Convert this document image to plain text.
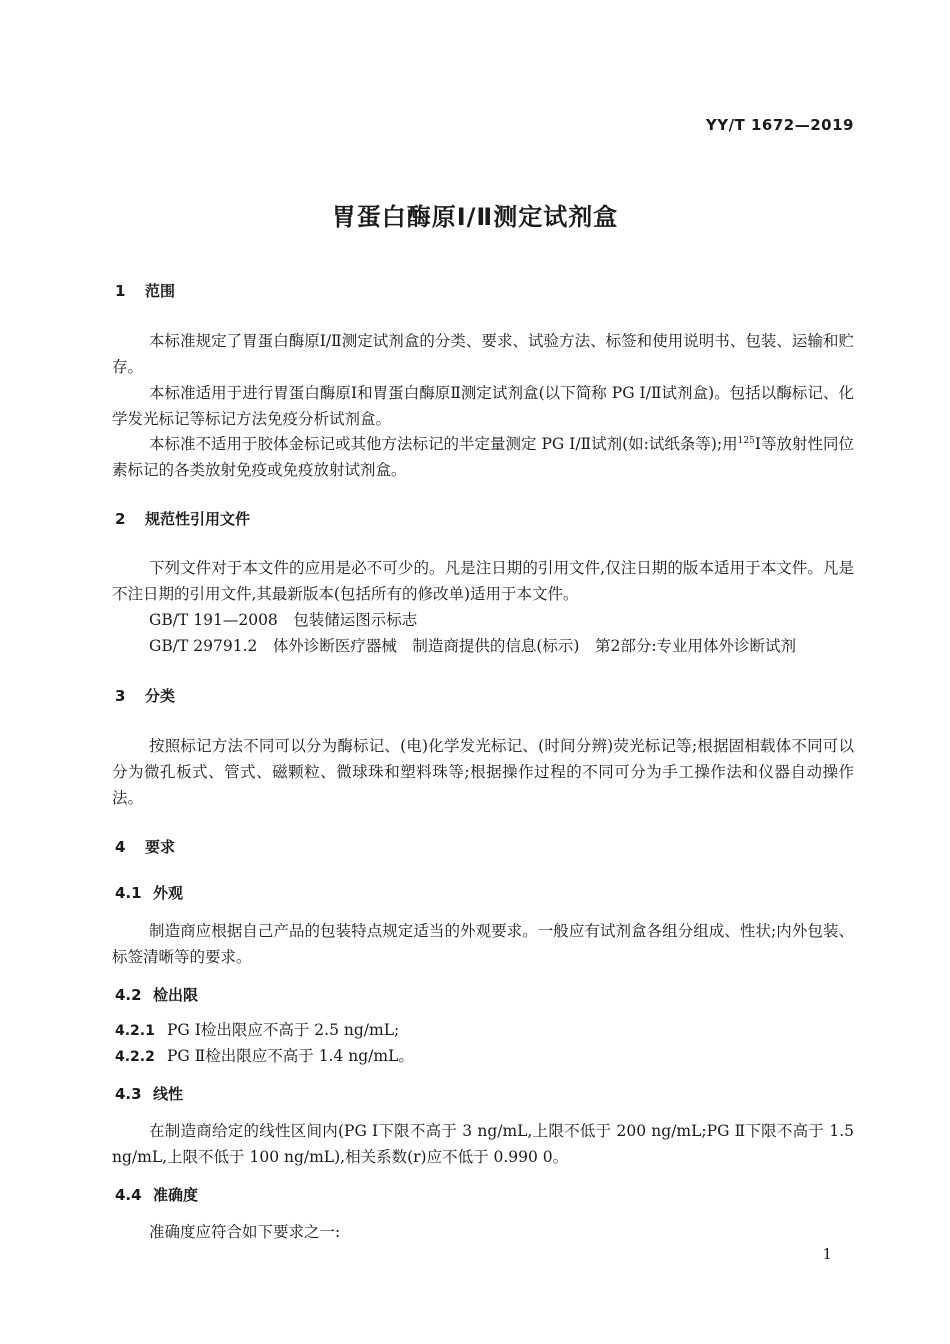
YY/T 1672—2019
胃蛋白酶原Ⅰ/Ⅱ测定试剂盒
1 范围
本标准规定了胃蛋白酶原Ⅰ/Ⅱ测定试剂盒的分类、要求、试验方法、标签和使用说明书、包装、运输和贮存。
本标准适用于进行胃蛋白酶原Ⅰ和胃蛋白酶原Ⅱ测定试剂盒(以下简称 PG Ⅰ/Ⅱ试剂盒)。包括以酶标记、化学发光标记等标记方法免疫分析试剂盒。
本标准不适用于胶体金标记或其他方法标记的半定量测定 PG Ⅰ/Ⅱ试剂(如:试纸条等);用$^{125}$I等放射性同位素标记的各类放射免疫或免疫放射试剂盒。
2 规范性引用文件
下列文件对于本文件的应用是必不可少的。凡是注日期的引用文件,仅注日期的版本适用于本文件。凡是不注日期的引用文件,其最新版本(包括所有的修改单)适用于本文件。
GB/T 191—2008　包装储运图示标志
GB/T 29791.2　体外诊断医疗器械　制造商提供的信息(标示)　第2部分:专业用体外诊断试剂
3 分类
按照标记方法不同可以分为酶标记、(电)化学发光标记、(时间分辨)荧光标记等;根据固相载体不同可以分为微孔板式、管式、磁颗粒、微球珠和塑料珠等;根据操作过程的不同可分为手工操作法和仪器自动操作法。
4 要求
4.1 外观
制造商应根据自己产品的包装特点规定适当的外观要求。一般应有试剂盒各组分组成、性状;内外包装、标签清晰等的要求。
4.2 检出限
4.2.1 PG Ⅰ检出限应不高于 2.5 ng/mL;
4.2.2 PG Ⅱ检出限应不高于 1.4 ng/mL。
4.3 线性
在制造商给定的线性区间内(PG Ⅰ下限不高于 3 ng/mL,上限不低于 200 ng/mL;PG Ⅱ下限不高于 1.5 ng/mL,上限不低于 100 ng/mL),相关系数(r)应不低于 0.990 0。
4.4 准确度
准确度应符合如下要求之一:
1
